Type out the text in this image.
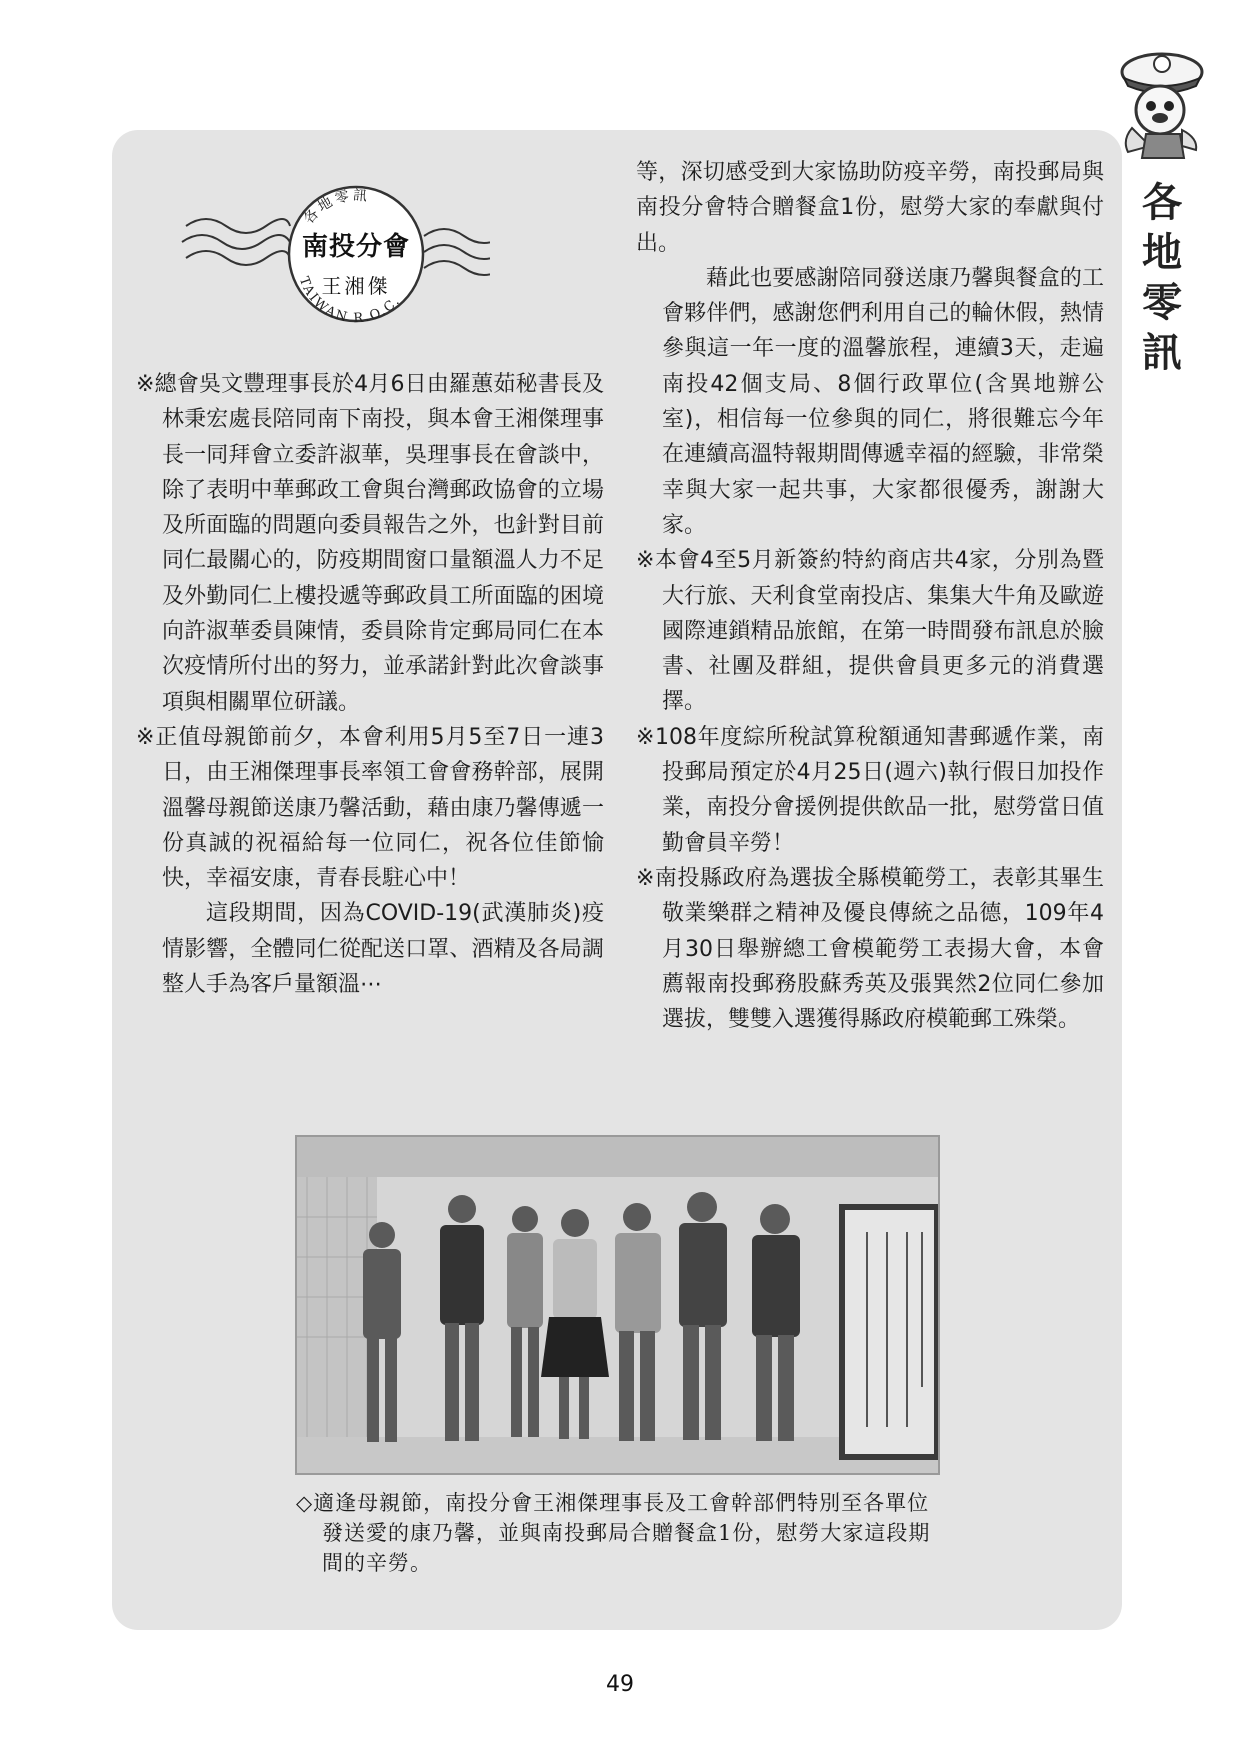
各
地
零
訊
各地零訊
TAIWAN R.O.C.
南投分會
王湘傑

※總會吳文豐理事長於4月6日由羅蕙茹秘書長及林秉宏處長陪同南下南投，與本會王湘傑理事長一同拜會立委許淑華，吳理事長在會談中，除了表明中華郵政工會與台灣郵政協會的立場及所面臨的問題向委員報告之外，也針對目前同仁最關心的，防疫期間窗口量額溫人力不足及外勤同仁上樓投遞等郵政員工所面臨的困境向許淑華委員陳情，委員除肯定郵局同仁在本次疫情所付出的努力，並承諾針對此次會談事項與相關單位研議。

※正值母親節前夕，本會利用5月5至7日一連3日，由王湘傑理事長率領工會會務幹部，展開溫馨母親節送康乃馨活動，藉由康乃馨傳遞一份真誠的祝福給每一位同仁，祝各位佳節愉快，幸福安康，青春長駐心中！

這段期間，因為COVID-19(武漢肺炎)疫情影響，全體同仁從配送口罩、酒精及各局調整人手為客戶量額溫⋯

等，深切感受到大家協助防疫辛勞，南投郵局與南投分會特合贈餐盒1份，慰勞大家的奉獻與付出。

藉此也要感謝陪同發送康乃馨與餐盒的工會夥伴們，感謝您們利用自己的輪休假，熱情參與這一年一度的溫馨旅程，連續3天，走遍南投42個支局、8個行政單位(含異地辦公室)，相信每一位參與的同仁，將很難忘今年在連續高溫特報期間傳遞幸福的經驗，非常榮幸與大家一起共事，大家都很優秀，謝謝大家。

※本會4至5月新簽約特約商店共4家，分別為暨大行旅、天利食堂南投店、集集大牛角及歐遊國際連鎖精品旅館，在第一時間發布訊息於臉書、社團及群組，提供會員更多元的消費選擇。

※108年度綜所稅試算稅額通知書郵遞作業，南投郵局預定於4月25日(週六)執行假日加投作業，南投分會援例提供飲品一批，慰勞當日值勤會員辛勞！

※南投縣政府為選拔全縣模範勞工，表彰其畢生敬業樂群之精神及優良傳統之品德，109年4月30日舉辦總工會模範勞工表揚大會，本會薦報南投郵務股蘇秀英及張巽然2位同仁參加選拔，雙雙入選獲得縣政府模範郵工殊榮。

◇適逢母親節，南投分會王湘傑理事長及工會幹部們特別至各單位發送愛的康乃馨，並與南投郵局合贈餐盒1份，慰勞大家這段期間的辛勞。
49
